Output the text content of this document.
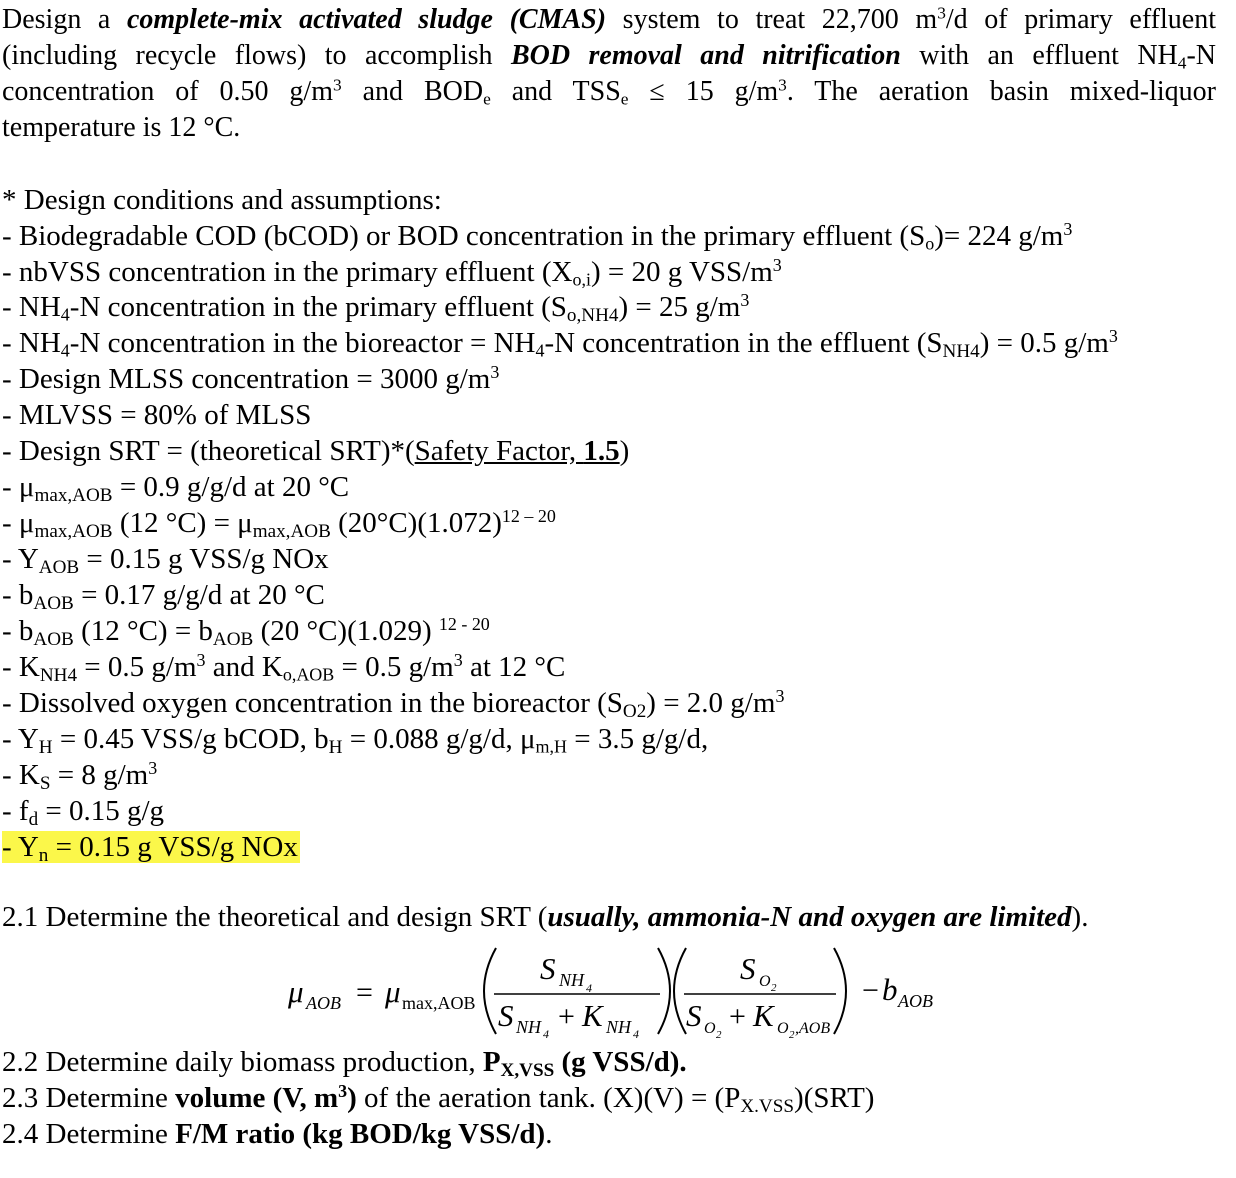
Design a complete-mix activated sludge (CMAS) system to treat 22,700 $m^3/d$ of primary effluent
(including recycle flows) to accomplish BOD removal and nitrification with an effluent $NH_4-N$
concentration of 0.50 $g/m^3$ and $BOD_e$ and $TSS_e \le 15$ $g/m^3$. The aeration basin mixed-liquor
temperature is 12 °C.
* Design conditions and assumptions:
- Biodegradable COD (bCOD) or BOD concentration in the primary effluent $(S_o)= 224$ $g/m^3$
- nbVSS concentration in the primary effluent $(X_{o,i}) = 20$ g VSS/$m^3$
- $NH_4-N$ concentration in the primary effluent $(S_{o,NH4}) = 25$ $g/m^3$
- $NH_4-N$ concentration in the bioreactor = $NH_4-N$ concentration in the effluent $(S_{NH4}) = 0.5$ $g/m^3$
- Design MLSS concentration = 3000 $g/m^3$
- MLVSS = 80% of MLSS
- Design SRT = (theoretical SRT)*(Safety Factor, 1.5)
- $\mu_{max,AOB} = 0.9$ g/g/d at 20 °C
- $\mu_{max,AOB}$ (12 $^\circ C) = \mu_{max,AOB}$ $(20^\circ C)(1.072)^{12 - 20}$
- $Y_{AOB} = 0.15$ g VSS/g NOx
- $b_{AOB} = 0.17$ g/g/d at 20 °C
- $b_{AOB}$ (12 $^\circ C) = b_{AOB}$ (20 °C)(1.029) $^{12 - 20}$
- $K_{NH4} = 0.5$ $g/m^3$ and $K_{o,AOB} = 0.5$ $g/m^3$ at 12 °C
- Dissolved oxygen concentration in the bioreactor $(S_{O2}) = 2.0$ $g/m^3$
- $Y_H = 0.45$ VSS/g bCOD, $b_H = 0.088$ g/g/d, $\mu_{m,H} = 3.5$ g/g/d,
- $K_S = 8$ $g/m^3$
- $f_d = 0.15$ g/g
- $Y_n = 0.15$ g VSS/g NOx
2.1 Determine the theoretical and design SRT (usually, ammonia-N and oxygen are limited).
μ AOB = μ max,AOB
S NH 4
S NH 4
+ K NH 4
S O 2
S O 2
+ K O 2 ,AOB
− b AOB
2.2 Determine daily biomass production, $P_{X,VSS}$ (g VSS/d).
2.3 Determine volume (V, $m^3$) of the aeration tank. $(X)(V) = (P_{X.VSS})(SRT)$
2.4 Determine F/M ratio (kg BOD/kg VSS/d).
